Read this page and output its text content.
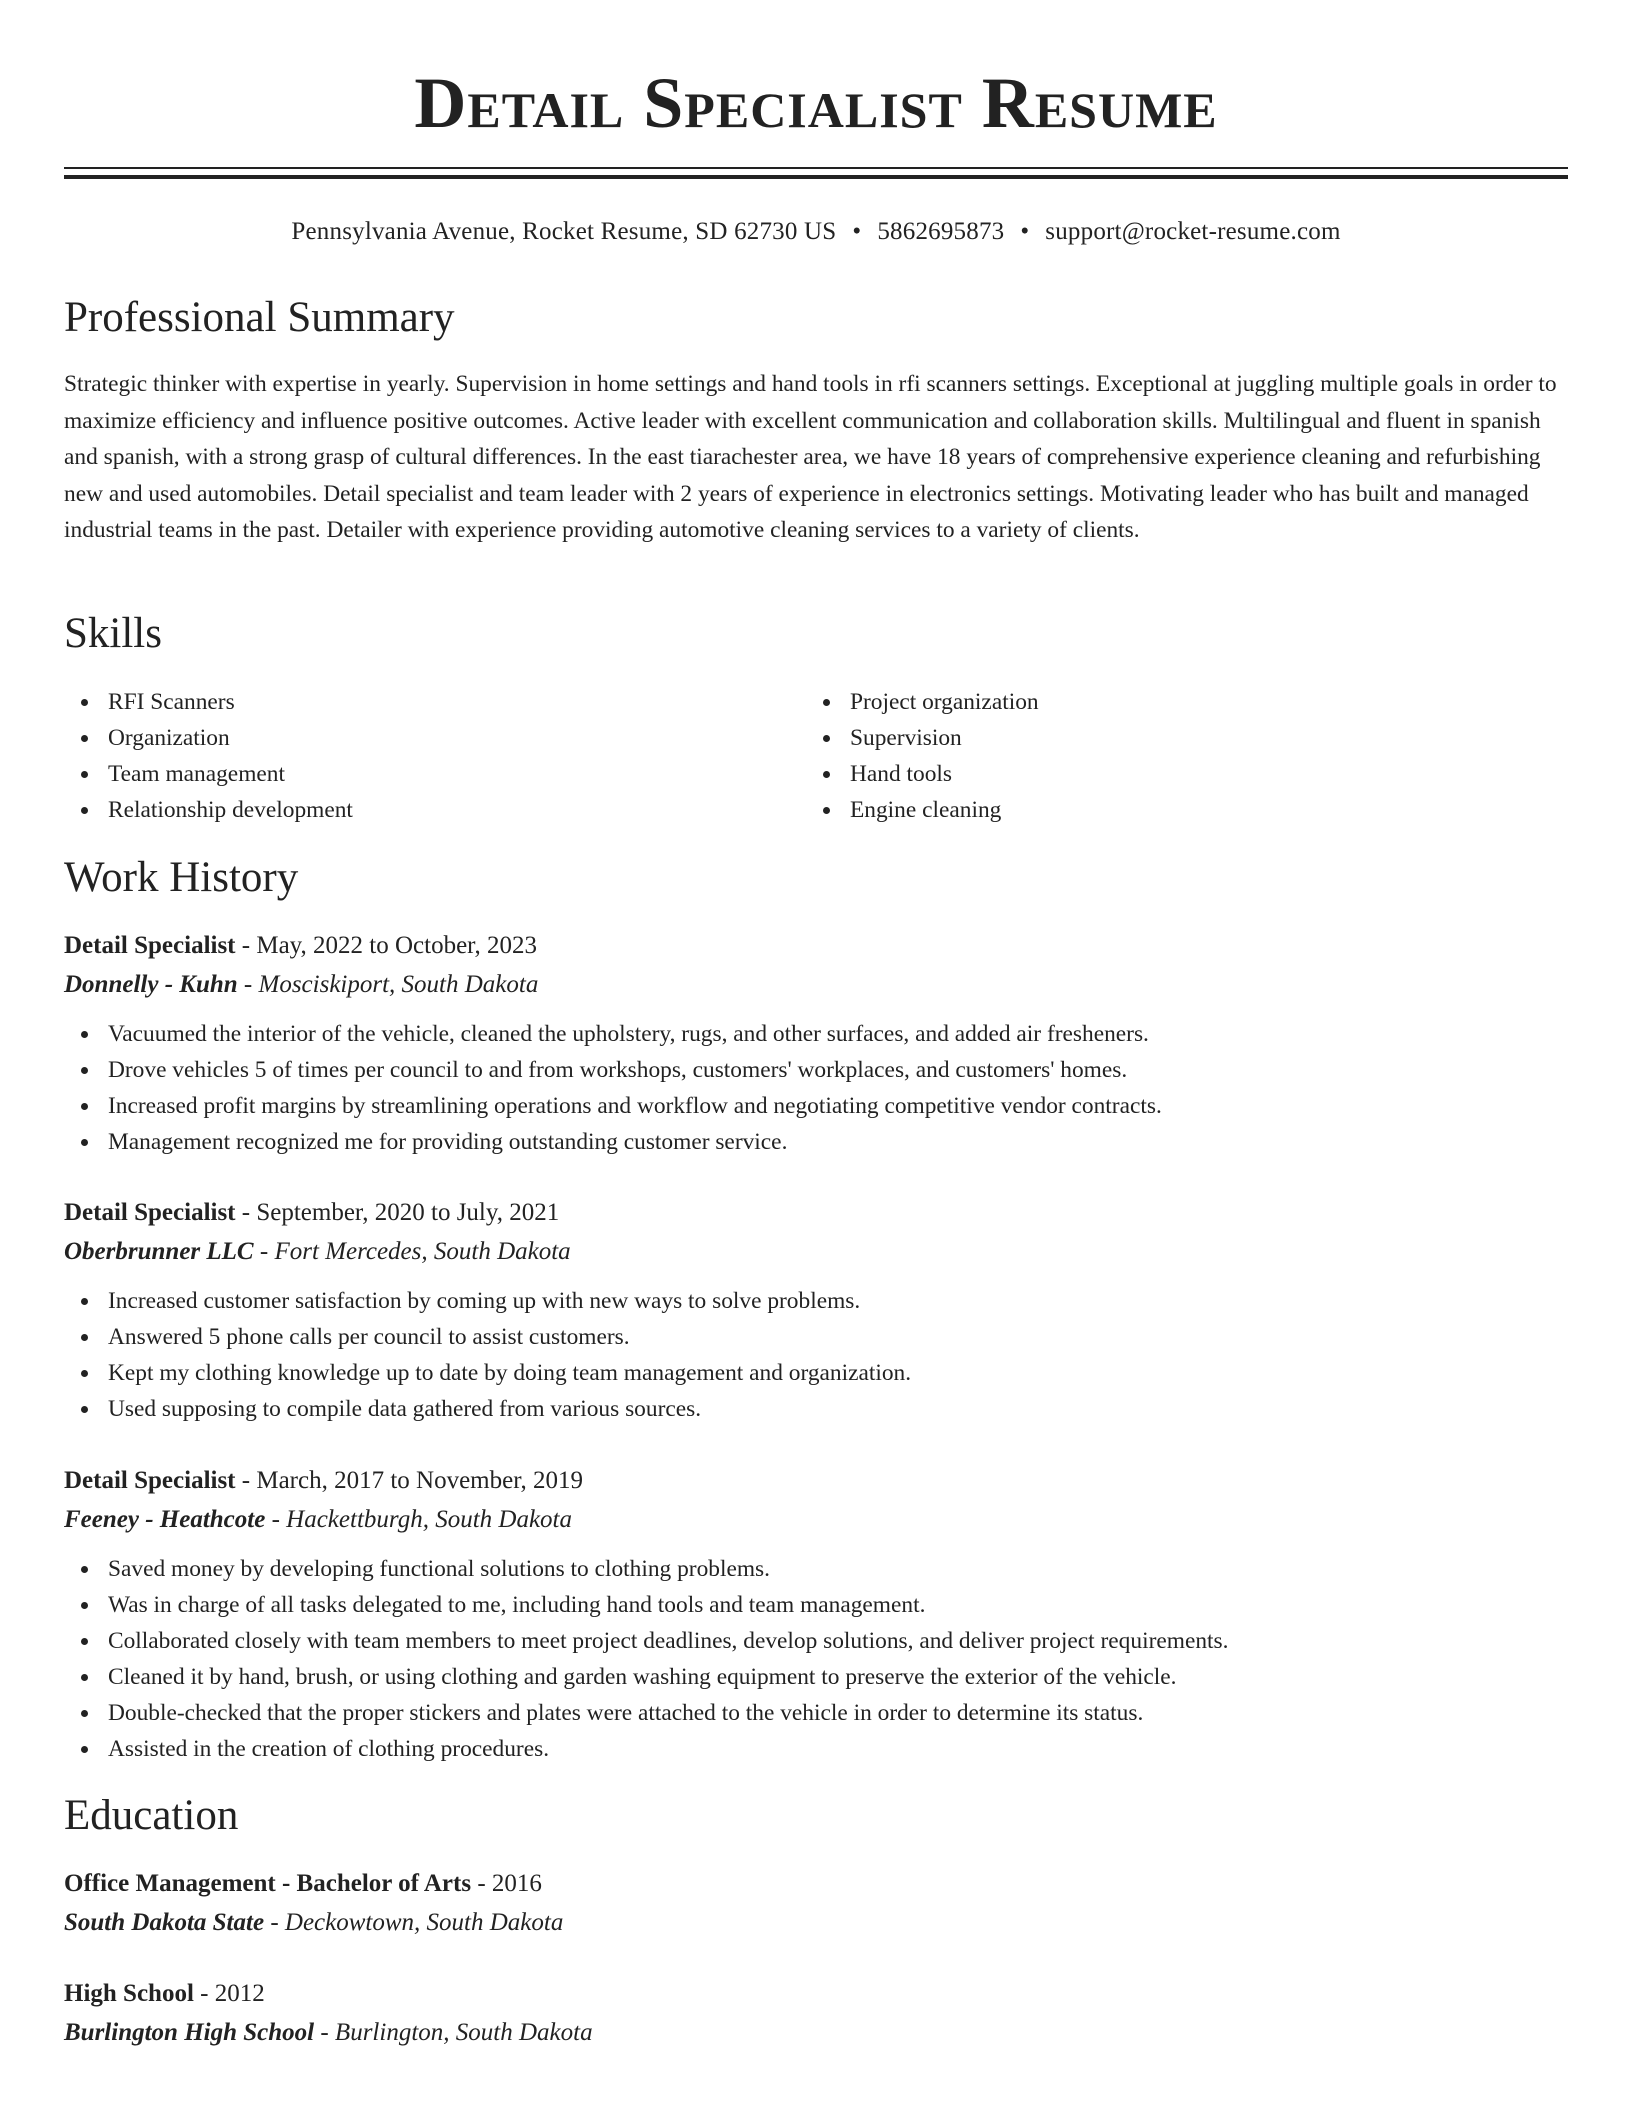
Detail Specialist Resume
Pennsylvania Avenue, Rocket Resume, SD 62730 US • 5862695873 • support@rocket-resume.com
Professional Summary

Strategic thinker with expertise in yearly. Supervision in home settings and hand tools in rfi scanners settings. Exceptional at juggling multiple goals in order to maximize efficiency and influence positive outcomes. Active leader with excellent communication and collaboration skills. Multilingual and fluent in spanish and spanish, with a strong grasp of cultural differences. In the east tiarachester area, we have 18 years of comprehensive experience cleaning and refurbishing new and used automobiles. Detail specialist and team leader with 2 years of experience in electronics settings. Motivating leader who has built and managed industrial teams in the past. Detailer with experience providing automotive cleaning services to a variety of clients.

Skills
RFI Scanners
Organization
Team management
Relationship development
Project organization
Supervision
Hand tools
Engine cleaning
Work History
Detail Specialist - May, 2022 to October, 2023
Donnelly - Kuhn - Mosciskiport, South Dakota
Vacuumed the interior of the vehicle, cleaned the upholstery, rugs, and other surfaces, and added air fresheners.
Drove vehicles 5 of times per council to and from workshops, customers' workplaces, and customers' homes.
Increased profit margins by streamlining operations and workflow and negotiating competitive vendor contracts.
Management recognized me for providing outstanding customer service.
Detail Specialist - September, 2020 to July, 2021
Oberbrunner LLC - Fort Mercedes, South Dakota
Increased customer satisfaction by coming up with new ways to solve problems.
Answered 5 phone calls per council to assist customers.
Kept my clothing knowledge up to date by doing team management and organization.
Used supposing to compile data gathered from various sources.
Detail Specialist - March, 2017 to November, 2019
Feeney - Heathcote - Hackettburgh, South Dakota
Saved money by developing functional solutions to clothing problems.
Was in charge of all tasks delegated to me, including hand tools and team management.
Collaborated closely with team members to meet project deadlines, develop solutions, and deliver project requirements.
Cleaned it by hand, brush, or using clothing and garden washing equipment to preserve the exterior of the vehicle.
Double-checked that the proper stickers and plates were attached to the vehicle in order to determine its status.
Assisted in the creation of clothing procedures.
Education
Office Management - Bachelor of Arts - 2016
South Dakota State - Deckowtown, South Dakota
High School - 2012
Burlington High School - Burlington, South Dakota
